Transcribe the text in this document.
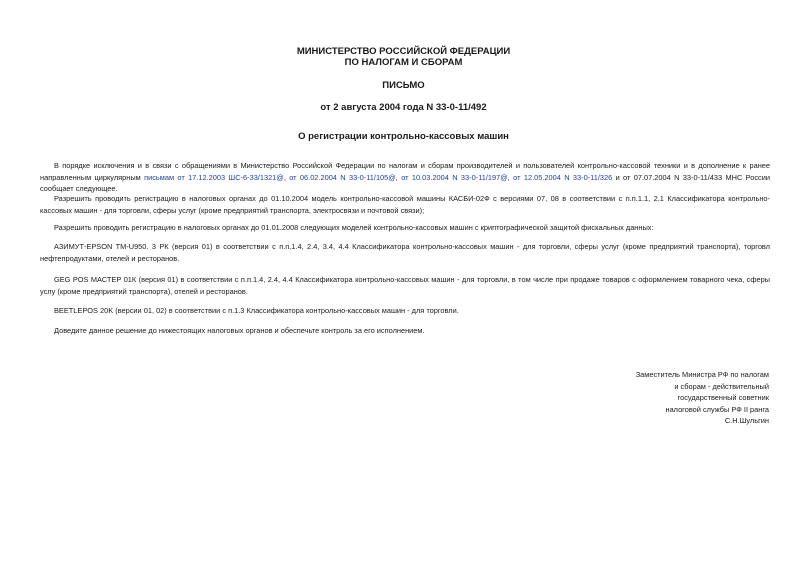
МИНИСТЕРСТВО РОССИЙСКОЙ ФЕДЕРАЦИИ
ПО НАЛОГАМ И СБОРАМ
ПИСЬМО
от 2 августа 2004 года N 33-0-11/492
О регистрации контрольно-кассовых машин
В порядке исключения и в связи с обращениями в Министерство Российской Федерации по налогам и сборам производителей и пользователей контрольно-кассовой техники и в дополнение к ранее направленным циркулярным письмам от 17.12.2003 ШС-6-33/1321@, от 06.02.2004 N 33-0-11/105@, от 10.03.2004 N 33-0-11/197@, от 12.05.2004 N 33-0-11/326 и от 07.07.2004 N 33-0-11/433 МНС России сообщает следующее.
Разрешить проводить регистрацию в налоговых органах до 01.10.2004 модель контрольно-кассовой машины КАСБИ-02Ф с версиями 07, 08 в соответствии с п.п.1.1, 2.1 Классификатора контрольно-кассовых машин - для торговли, сферы услуг (кроме предприятий транспорта, электросвязи и почтовой связи);
Разрешить проводить регистрацию в налоговых органах до 01.01.2008 следующих моделей контрольно-кассовых машин с криптографической защитой фискальных данных:
АЗИМУТ-EPSON TM-U950. 3 РК (версия 01) в соответствии с п.п.1.4, 2.4, 3.4, 4.4 Классификатора контрольно-кассовых машин - для торговли, сферы услуг (кроме предприятий транспорта), торговл нефтепродуктами, отелей и ресторанов.
GEG POS МАСТЕР 01К (версия 01) в соответствии с п.п.1.4, 2.4, 4.4 Классификатора контрольно-кассовых машин - для торговли, в том числе при продаже товаров с оформлением товарного чека, сферы услу (кроме предприятий транспорта), отелей и ресторанов.
BEETLEPOS 20K (версии 01, 02) в соответствии с п.1.3 Классификатора контрольно-кассовых машин - для торговли.
Доведите данное решение до нижестоящих налоговых органов и обеспечьте контроль за его исполнением.
Заместитель Министра РФ по налогам
и сборам - действительный
государственный советник
налоговой службы РФ II ранга
С.Н.Шульгин
